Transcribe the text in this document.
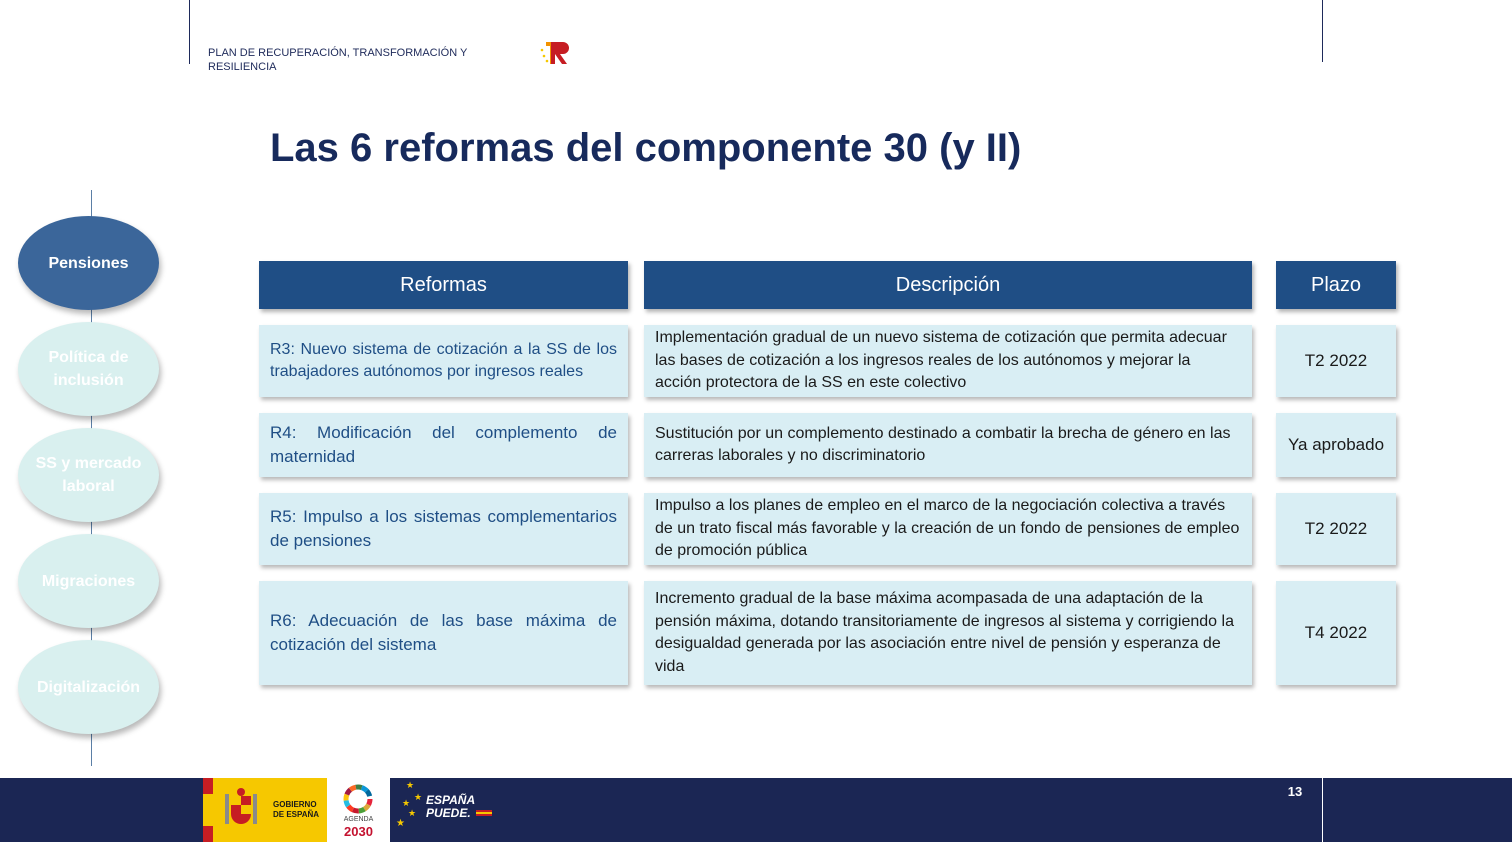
PLAN DE RECUPERACIÓN, TRANSFORMACIÓN Y
RESILIENCIA
Las 6 reformas del componente 30 (y II)
Pensiones
Política de
inclusión
SS y mercado
laboral
Migraciones
Digitalización
Reformas	Descripción	Plazo
R3: Nuevo sistema de cotización a la SS de los trabajadores autónomos por ingresos reales
Implementación gradual de un nuevo sistema de cotización que permita adecuar las bases de cotización a los ingresos reales de los autónomos y mejorar la acción protectora de la SS en este colectivo
T2 2022
R4: Modificación del complemento de maternidad
Sustitución por un complemento destinado a combatir la brecha de género en las carreras laborales y no discriminatorio
Ya aprobado
R5: Impulso a los sistemas complementarios de pensiones
Impulso a los planes de empleo en el marco de la negociación colectiva a través de un trato fiscal más favorable y la creación de un fondo de pensiones de empleo de promoción pública
T2 2022
R6: Adecuación de las base máxima de cotización del sistema
Incremento gradual de la base máxima acompasada de una adaptación de la pensión máxima, dotando transitoriamente de ingresos al sistema y corrigiendo la desigualdad generada por las asociación entre nivel de pensión y esperanza de vida
T4 2022
GOBIERNO
DE ESPAÑA
AGENDA
2030
★
★
★
★
★
ESPAÑA
PUEDE.
13
